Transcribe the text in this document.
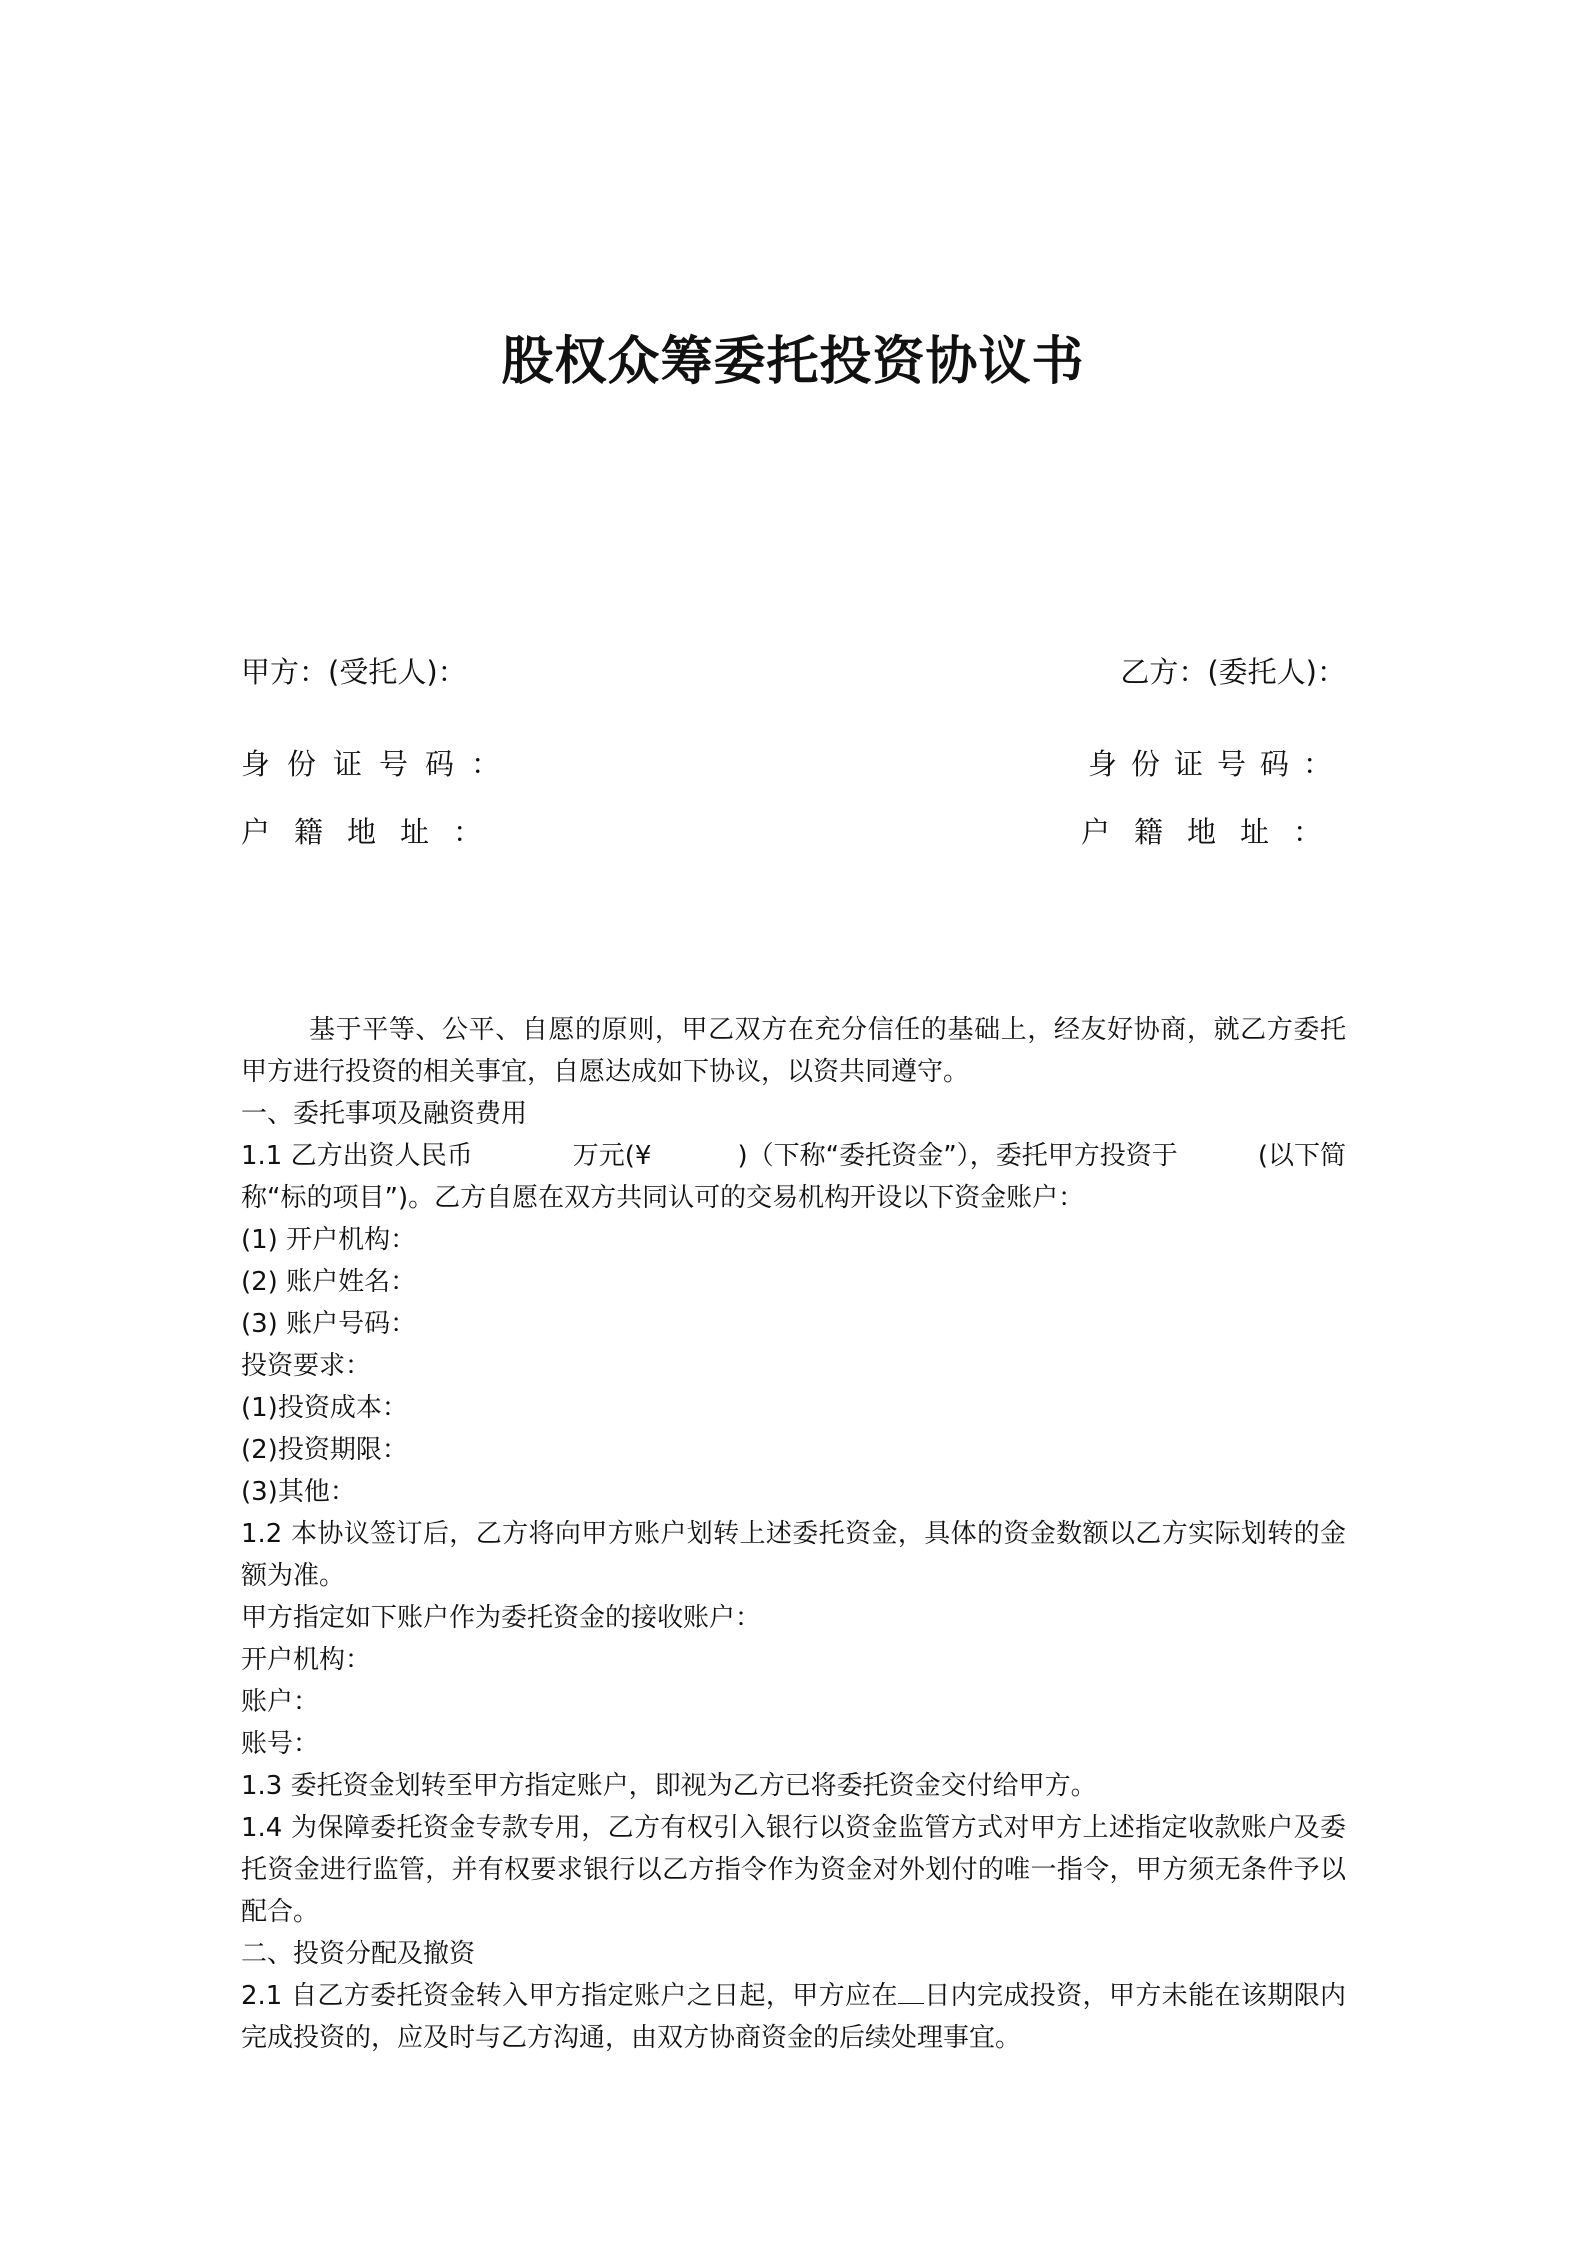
股权众筹委托投资协议书
甲方：(受托人)：	乙方：(委托人)：
身份证号码：	身份证号码：
户籍地址：	户籍地址：

基于平等、公平、自愿的原则，甲乙双方在充分信任的基础上，经友好协商，就乙方委托甲方进行投资的相关事宜，自愿达成如下协议，以资共同遵守。

一、委托事项及融资费用

1.1 乙方出资人民币	万元(¥	)（下称“委托资金”），委托甲方投资于	(以下简称“标的项目”)。乙方自愿在双方共同认可的交易机构开设以下资金账户：

(1) 开户机构：

(2) 账户姓名：

(3) 账户号码：

投资要求：

(1)投资成本：

(2)投资期限：

(3)其他：

1.2 本协议签订后，乙方将向甲方账户划转上述委托资金，具体的资金数额以乙方实际划转的金额为准。

甲方指定如下账户作为委托资金的接收账户：

开户机构：

账户：

账号：

1.3 委托资金划转至甲方指定账户，即视为乙方已将委托资金交付给甲方。

1.4 为保障委托资金专款专用，乙方有权引入银行以资金监管方式对甲方上述指定收款账户及委托资金进行监管，并有权要求银行以乙方指令作为资金对外划付的唯一指令，甲方须无条件予以配合。

二、投资分配及撤资

2.1 自乙方委托资金转入甲方指定账户之日起，甲方应在 日内完成投资，甲方未能在该期限内完成投资的，应及时与乙方沟通，由双方协商资金的后续处理事宜。
